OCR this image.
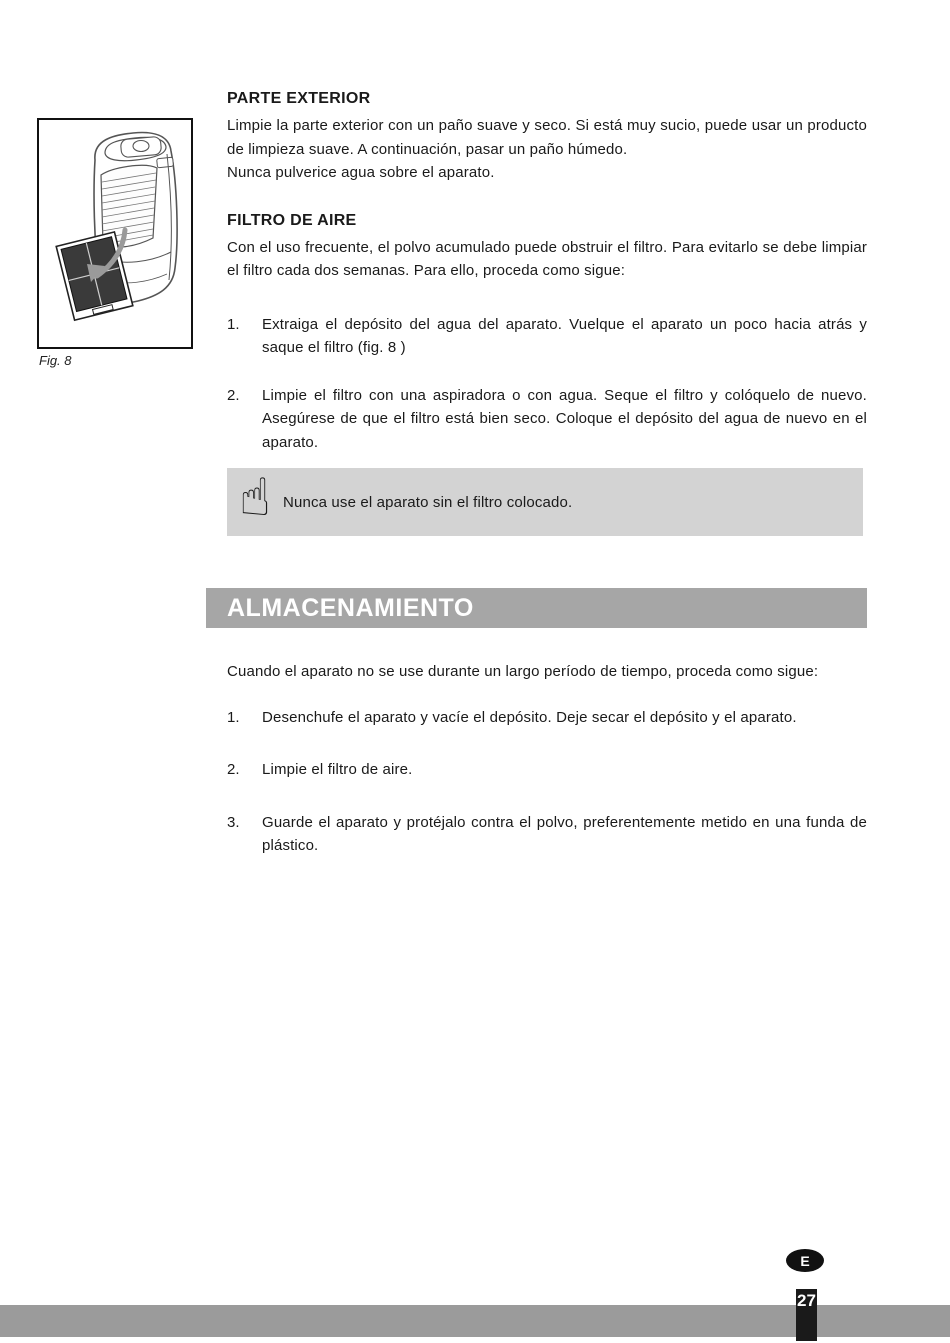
Fig. 8
PARTE EXTERIOR

Limpie la parte exterior con un paño suave y seco. Si está muy sucio, puede usar un producto de limpieza suave. A continuación, pasar un paño húmedo.

Nunca pulverice agua sobre el aparato.

FILTRO DE AIRE

Con el uso frecuente, el polvo acumulado puede obstruir el filtro. Para evitarlo se debe limpiar el filtro cada dos semanas. Para ello, proceda como sigue:

1.	Extraiga el depósito del agua del aparato. Vuelque el aparato un poco hacia atrás y saque el filtro (fig. 8 )
2.	Limpie el filtro con una aspiradora o con agua. Seque el filtro y colóquelo de nuevo. Asegúrese de que el filtro está bien seco. Coloque el depósito del agua de nuevo en el aparato.
☝ Nunca use el aparato sin el filtro colocado.
ALMACENAMIENTO

Cuando el aparato no se use durante un largo período de tiempo, proceda como sigue:

1.	Desenchufe el aparato y vacíe el depósito. Deje secar el depósito y el aparato.
2.	Limpie el filtro de aire.
3.	Guarde el aparato y protéjalo contra el polvo, preferentemente metido en una funda de plástico.
E
27
